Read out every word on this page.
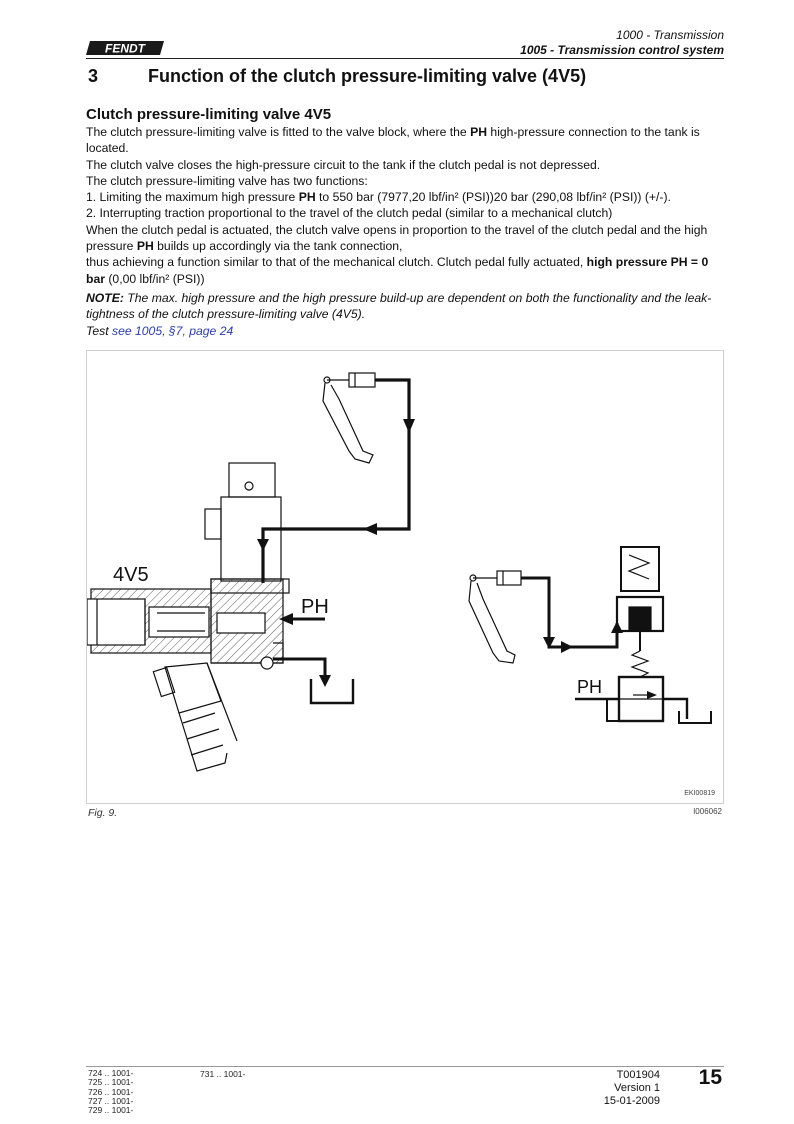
FENDT
1000 - Transmission
1005 - Transmission control system
3	Function of the clutch pressure-limiting valve (4V5)
Clutch pressure-limiting valve 4V5

The clutch pressure-limiting valve is fitted to the valve block, where the PH high-pressure connection to the tank is located.

The clutch valve closes the high-pressure circuit to the tank if the clutch pedal is not depressed.

The clutch pressure-limiting valve has two functions:

1. Limiting the maximum high pressure PH to 550 bar (7977,20 lbf/in² (PSI))20 bar (290,08 lbf/in² (PSI)) (+/-).

2. Interrupting traction proportional to the travel of the clutch pedal (similar to a mechanical clutch)

When the clutch pedal is actuated, the clutch valve opens in proportion to the travel of the clutch pedal and the high pressure PH builds up accordingly via the tank connection,

thus achieving a function similar to that of the mechanical clutch. Clutch pedal fully actuated, high pressure PH = 0 bar (0,00 lbf/in² (PSI))

NOTE: The max. high pressure and the high pressure build-up are dependent on both the functionality and the leak-tightness of the clutch pressure-limiting valve (4V5).
Test see 1005, §7, page 24
4V5
PH
PH
EKI00819
Fig. 9.	I006062
724 .. 1001-
725 .. 1001-
726 .. 1001-
727 .. 1001-
729 .. 1001-
731 .. 1001-	T001904
Version 1
15-01-2009
15
